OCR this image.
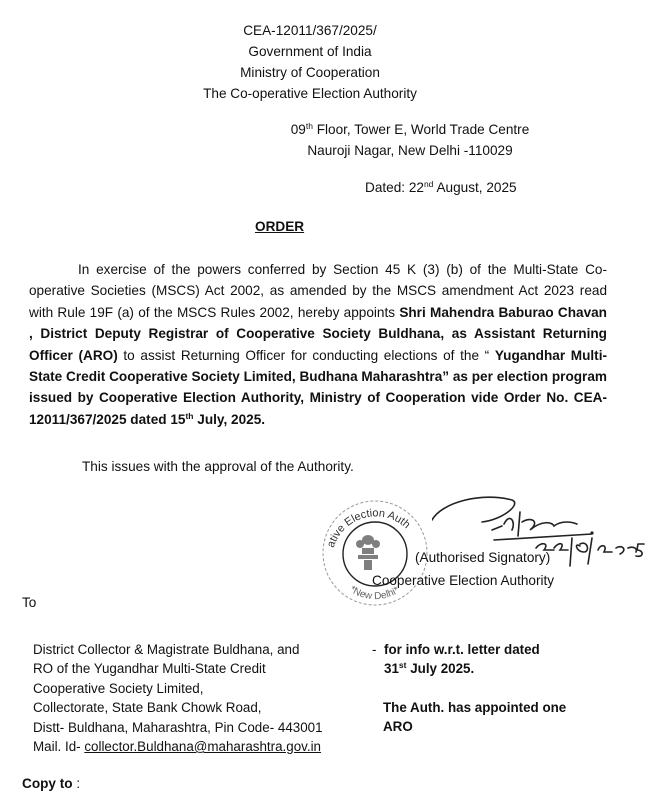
CEA-12011/367/2025/
Government of India
Ministry of Cooperation
The Co-operative Election Authority
09th Floor, Tower E, World Trade Centre
Nauroji Nagar, New Delhi -110029
Dated: 22nd August, 2025
ORDER
In exercise of the powers conferred by Section 45 K (3) (b) of the Multi-State Co-operative Societies (MSCS) Act 2002, as amended by the MSCS amendment Act 2023 read with Rule 19F (a) of the MSCS Rules 2002, hereby appoints Shri Mahendra Baburao Chavan , District Deputy Registrar of Cooperative Society Buldhana, as Assistant Returning Officer (ARO) to assist Returning Officer for conducting elections of the “ Yugandhar Multi-State Credit Cooperative Society Limited, Budhana Maharashtra” as per election program issued by Cooperative Election Authority, Ministry of Cooperation vide Order No. CEA-12011/367/2025 dated 15th July, 2025.
This issues with the approval of the Authority.
ative Election Auth
*New Delhi*
(Authorised Signatory)
Cooperative Election Authority
To
District Collector & Magistrate Buldhana, and
RO of the Yugandhar Multi-State Credit
Cooperative Society Limited,
Collectorate, State Bank Chowk Road,
Distt- Buldhana, Maharashtra, Pin Code- 443001
Mail. Id- collector.Buldhana@maharashtra.gov.in
- for info w.r.t. letter dated
31st July 2025.
The Auth. has appointed one
ARO
Copy to :
